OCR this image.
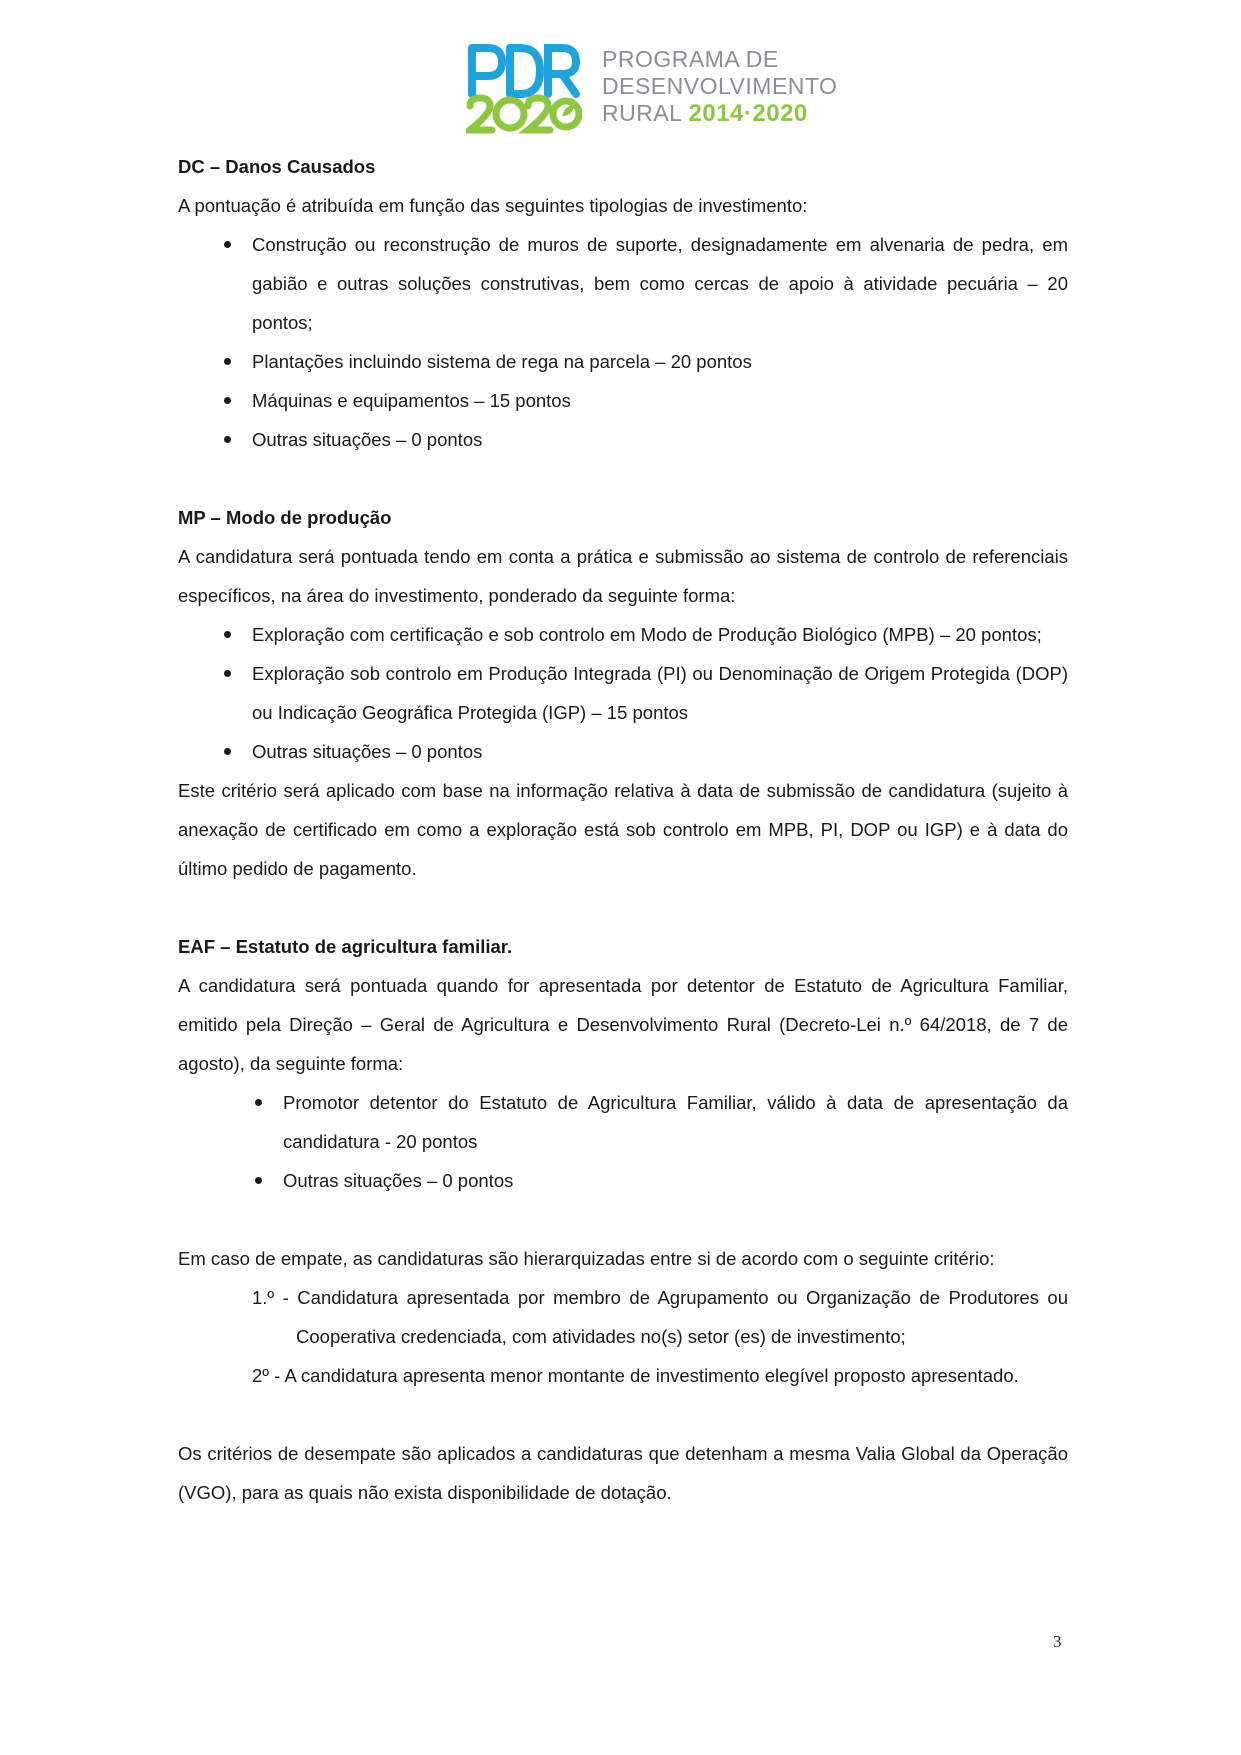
PROGRAMA DE
DESENVOLVIMENTO
RURAL 2014·2020
DC – Danos Causados

A pontuação é atribuída em função das seguintes tipologias de investimento:

Construção ou reconstrução de muros de suporte, designadamente em alvenaria de pedra, em gabião e outras soluções construtivas, bem como cercas de apoio à atividade pecuária – 20 pontos;
Plantações incluindo sistema de rega na parcela – 20 pontos
Máquinas e equipamentos – 15 pontos
Outras situações – 0 pontos
MP – Modo de produção

A candidatura será pontuada tendo em conta a prática e submissão ao sistema de controlo de referenciais específicos, na área do investimento, ponderado da seguinte forma:

Exploração com certificação e sob controlo em Modo de Produção Biológico (MPB) – 20 pontos;
Exploração sob controlo em Produção Integrada (PI) ou Denominação de Origem Protegida (DOP) ou Indicação Geográfica Protegida (IGP) – 15 pontos
Outras situações – 0 pontos

Este critério será aplicado com base na informação relativa à data de submissão de candidatura (sujeito à anexação de certificado em como a exploração está sob controlo em MPB, PI, DOP ou IGP) e à data do último pedido de pagamento.

EAF – Estatuto de agricultura familiar.

A candidatura será pontuada quando for apresentada por detentor de Estatuto de Agricultura Familiar, emitido pela Direção – Geral de Agricultura e Desenvolvimento Rural (Decreto-Lei n.º 64/2018, de 7 de agosto), da seguinte forma:

Promotor detentor do Estatuto de Agricultura Familiar, válido à data de apresentação da candidatura - 20 pontos
Outras situações – 0 pontos

Em caso de empate, as candidaturas são hierarquizadas entre si de acordo com o seguinte critério:

1.º - Candidatura apresentada por membro de Agrupamento ou Organização de Produtores ou Cooperativa credenciada, com atividades no(s) setor (es) de investimento;
2º - A candidatura apresenta menor montante de investimento elegível proposto apresentado.

Os critérios de desempate são aplicados a candidaturas que detenham a mesma Valia Global da Operação (VGO), para as quais não exista disponibilidade de dotação.

3
